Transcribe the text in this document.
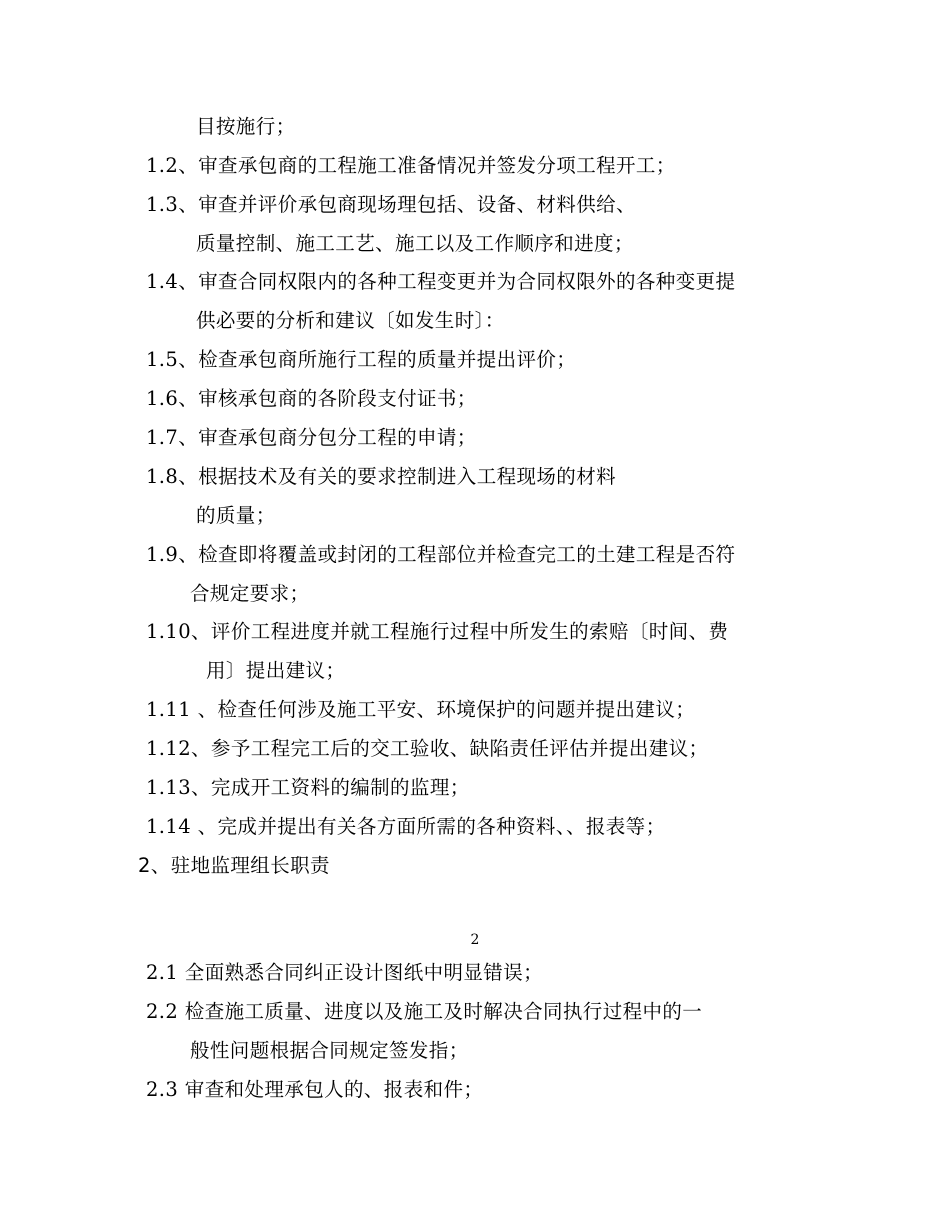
目按施行；
1.2、审查承包商的工程施工准备情况并签发分项工程开工；
1.3、审查并评价承包商现场理包括、设备、材料供给、
质量控制、施工工艺、施工以及工作顺序和进度；
1.4、审查合同权限内的各种工程变更并为合同权限外的各种变更提
供必要的分析和建议〔如发生时〕：
1.5、检查承包商所施行工程的质量并提出评价；
1.6、审核承包商的各阶段支付证书；
1.7、审查承包商分包分工程的申请；
1.8、根据技术及有关的要求控制进入工程现场的材料
的质量；
1.9、检查即将覆盖或封闭的工程部位并检查完工的土建工程是否符
合规定要求；
1.10、评价工程进度并就工程施行过程中所发生的索赔〔时间、费
用〕提出建议；
1.11 、检查任何涉及施工平安、环境保护的问题并提出建议；
1.12、参予工程完工后的交工验收、缺陷责任评估并提出建议；
1.13、完成开工资料的编制的监理；
1.14 、完成并提出有关各方面所需的各种资料、、报表等；
2、驻地监理组长职责
2
2.1 全面熟悉合同纠正设计图纸中明显错误；
2.2 检查施工质量、进度以及施工及时解决合同执行过程中的一
般性问题根据合同规定签发指；
2.3 审查和处理承包人的、报表和件；
